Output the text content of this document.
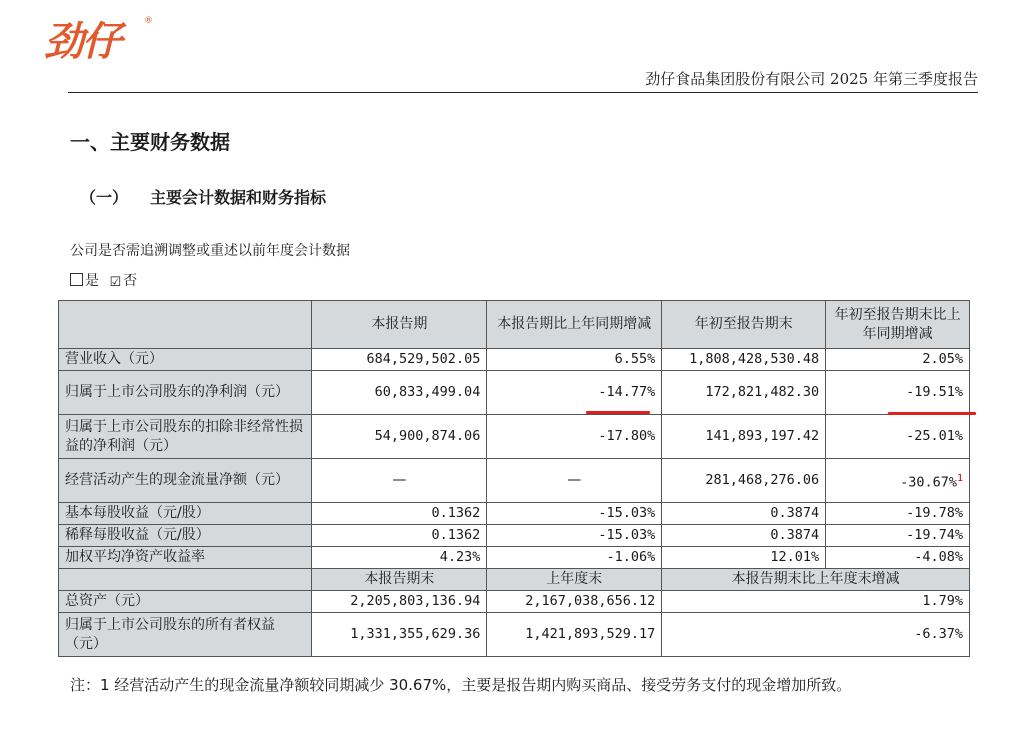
劲仔	®
劲仔食品集团股份有限公司 2025 年第三季度报告
一、主要财务数据
（一） 主要会计数据和财务指标
公司是否需追溯调整或重述以前年度会计数据
是 ☑ 否
	本报告期	本报告期比上年同期增减	年初至报告期末	年初至报告期末比上年同期增减
营业收入（元）	684,529,502.05	6.55%	1,808,428,530.48	2.05%
归属于上市公司股东的净利润（元）	60,833,499.04	-14.77%	172,821,482.30	-19.51%
归属于上市公司股东的扣除非经常性损益的净利润（元）	54,900,874.06	-17.80%	141,893,197.42	-25.01%
经营活动产生的现金流量净额（元）	—	—	281,468,276.06	-30.67%$^1$
基本每股收益（元/股）	0.1362	-15.03%	0.3874	-19.78%
稀释每股收益（元/股）	0.1362	-15.03%	0.3874	-19.74%
加权平均净资产收益率	4.23%	-1.06%	12.01%	-4.08%
	本报告期末	上年度末	本报告期末比上年度末增减	
总资产（元）	2,205,803,136.94	2,167,038,656.12	1.79%	
归属于上市公司股东的所有者权益（元）	1,331,355,629.36	1,421,893,529.17	-6.37%	
注：1 经营活动产生的现金流量净额较同期减少 30.67%，主要是报告期内购买商品、接受劳务支付的现金增加所致。
